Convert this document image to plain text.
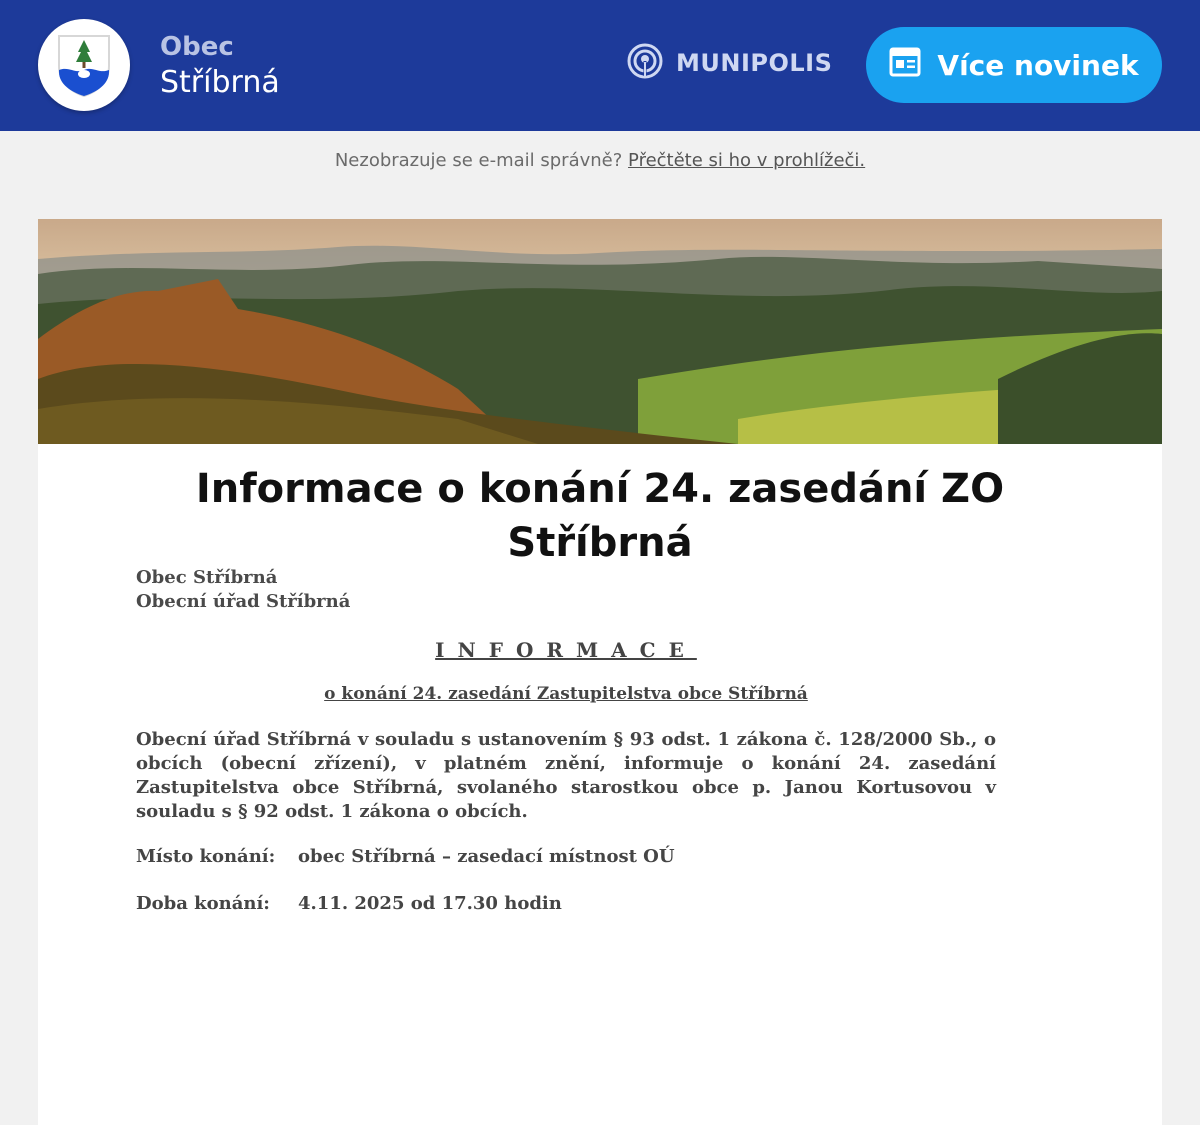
Obec
Stříbrná
MUNIPOLIS	Více novinek
Nezobrazuje se e-mail správně? Přečtěte si ho v prohlížeči.
Informace o konání 24. zasedání ZO Stříbrná
Obec Stříbrná
Obecní úřad Stříbrná
INFORMACE
o konání 24. zasedání Zastupitelstva obce Stříbrná
Obecní úřad Stříbrná v souladu s ustanovením § 93 odst. 1 zákona č. 128/2000 Sb., o obcích (obecní zřízení), v platném znění, informuje o konání 24. zasedání Zastupitelstva obce Stříbrná, svolaného starostkou obce p. Janou Kortusovou v souladu s § 92 odst. 1 zákona o obcích.
Místo konání:	obec Stříbrná – zasedací místnost OÚ
Doba konání:	4.11. 2025 od 17.30 hodin
